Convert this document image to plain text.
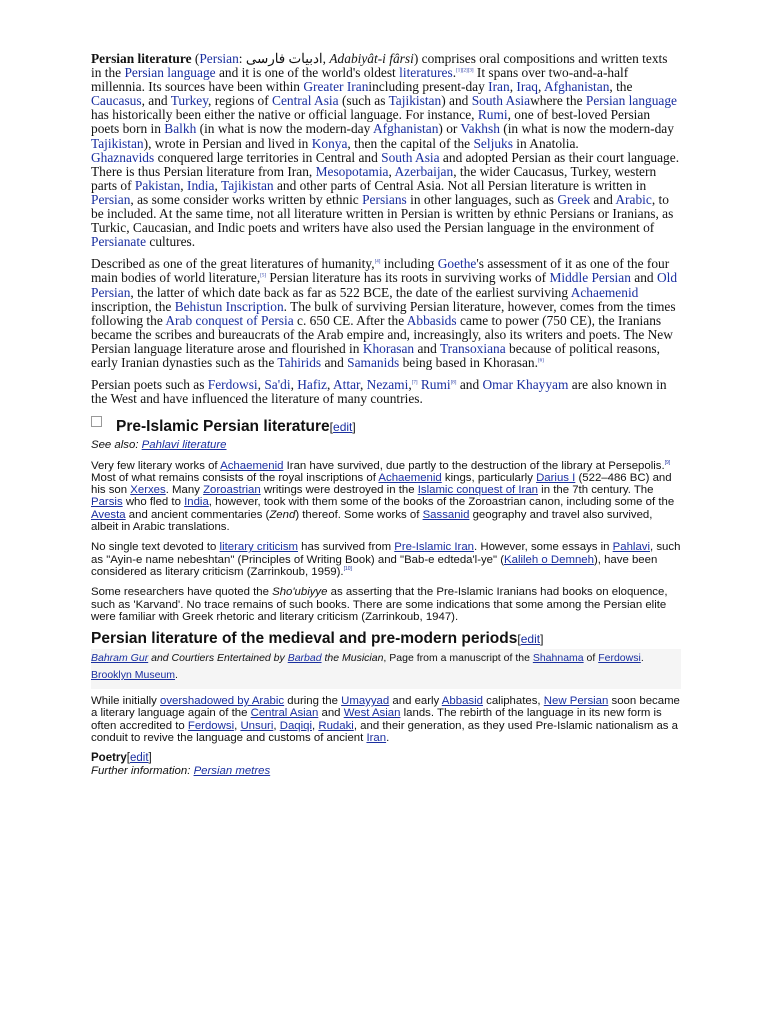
Persian literature (Persian: ادبیات فارسی, Adabiyât-i fârsi) comprises oral compositions and written texts in the Persian language and it is one of the world's oldest literatures.[1][2][3] It spans over two-and-a-half millennia. Its sources have been within Greater Iranincluding present-day Iran, Iraq, Afghanistan, the Caucasus, and Turkey, regions of Central Asia (such as Tajikistan) and South Asiawhere the Persian language has historically been either the native or official language. For instance, Rumi, one of best-loved Persian poets born in Balkh (in what is now the modern-day Afghanistan) or Vakhsh (in what is now the modern-day Tajikistan), wrote in Persian and lived in Konya, then the capital of the Seljuks in Anatolia.
Ghaznavids conquered large territories in Central and South Asia and adopted Persian as their court language. There is thus Persian literature from Iran, Mesopotamia, Azerbaijan, the wider Caucasus, Turkey, western parts of Pakistan, India, Tajikistan and other parts of Central Asia. Not all Persian literature is written in Persian, as some consider works written by ethnic Persians in other languages, such as Greek and Arabic, to be included. At the same time, not all literature written in Persian is written by ethnic Persians or Iranians, as Turkic, Caucasian, and Indic poets and writers have also used the Persian language in the environment of Persianate cultures.

Described as one of the great literatures of humanity,[4] including Goethe's assessment of it as one of the four main bodies of world literature,[5] Persian literature has its roots in surviving works of Middle Persian and Old Persian, the latter of which date back as far as 522 BCE, the date of the earliest surviving Achaemenid inscription, the Behistun Inscription. The bulk of surviving Persian literature, however, comes from the times following the Arab conquest of Persia c. 650 CE. After the Abbasids came to power (750 CE), the Iranians became the scribes and bureaucrats of the Arab empire and, increasingly, also its writers and poets. The New Persian language literature arose and flourished in Khorasan and Transoxiana because of political reasons, early Iranian dynasties such as the Tahirids and Samanids being based in Khorasan.[6]

Persian poets such as Ferdowsi, Sa'di, Hafiz, Attar, Nezami,[7] Rumi[8] and Omar Khayyam are also known in the West and have influenced the literature of many countries.

Pre-Islamic Persian literature[edit]

See also: Pahlavi literature

Very few literary works of Achaemenid Iran have survived, due partly to the destruction of the library at Persepolis.[9] Most of what remains consists of the royal inscriptions of Achaemenid kings, particularly Darius I (522–486 BC) and his son Xerxes. Many Zoroastrian writings were destroyed in the Islamic conquest of Iran in the 7th century. The Parsis who fled to India, however, took with them some of the books of the Zoroastrian canon, including some of the Avesta and ancient commentaries (Zend) thereof. Some works of Sassanid geography and travel also survived, albeit in Arabic translations.

No single text devoted to literary criticism has survived from Pre-Islamic Iran. However, some essays in Pahlavi, such as "Ayin-e name nebeshtan" (Principles of Writing Book) and "Bab-e edteda'l-ye" (Kalileh o Demneh), have been considered as literary criticism (Zarrinkoub, 1959).[10]

Some researchers have quoted the Sho'ubiyye as asserting that the Pre-Islamic Iranians had books on eloquence, such as 'Karvand'. No trace remains of such books. There are some indications that some among the Persian elite were familiar with Greek rhetoric and literary criticism (Zarrinkoub, 1947).

Persian literature of the medieval and pre-modern periods[edit]
Bahram Gur and Courtiers Entertained by Barbad the Musician, Page from a manuscript of the Shahnama of Ferdowsi. Brooklyn Museum.

While initially overshadowed by Arabic during the Umayyad and early Abbasid caliphates, New Persian soon became a literary language again of the Central Asian and West Asian lands. The rebirth of the language in its new form is often accredited to Ferdowsi, Unsuri, Daqiqi, Rudaki, and their generation, as they used Pre-Islamic nationalism as a conduit to revive the language and customs of ancient Iran.

Poetry[edit]

Further information: Persian metres
